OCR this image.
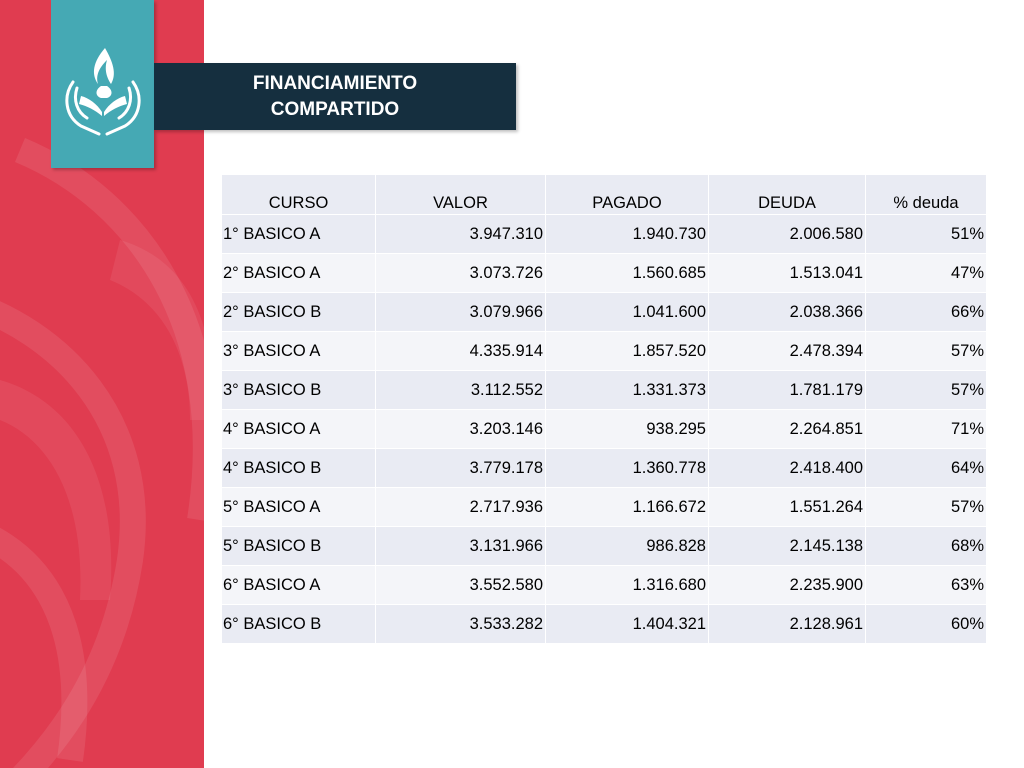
FINANCIAMIENTO
COMPARTIDO
CURSO	VALOR	PAGADO	DEUDA	% deuda
1° BASICO A	3.947.310	1.940.730	2.006.580	51%
2° BASICO A	3.073.726	1.560.685	1.513.041	47%
2° BASICO B	3.079.966	1.041.600	2.038.366	66%
3° BASICO A	4.335.914	1.857.520	2.478.394	57%
3° BASICO B	3.112.552	1.331.373	1.781.179	57%
4° BASICO A	3.203.146	938.295	2.264.851	71%
4° BASICO B	3.779.178	1.360.778	2.418.400	64%
5° BASICO A	2.717.936	1.166.672	1.551.264	57%
5° BASICO B	3.131.966	986.828	2.145.138	68%
6° BASICO A	3.552.580	1.316.680	2.235.900	63%
6° BASICO B	3.533.282	1.404.321	2.128.961	60%
